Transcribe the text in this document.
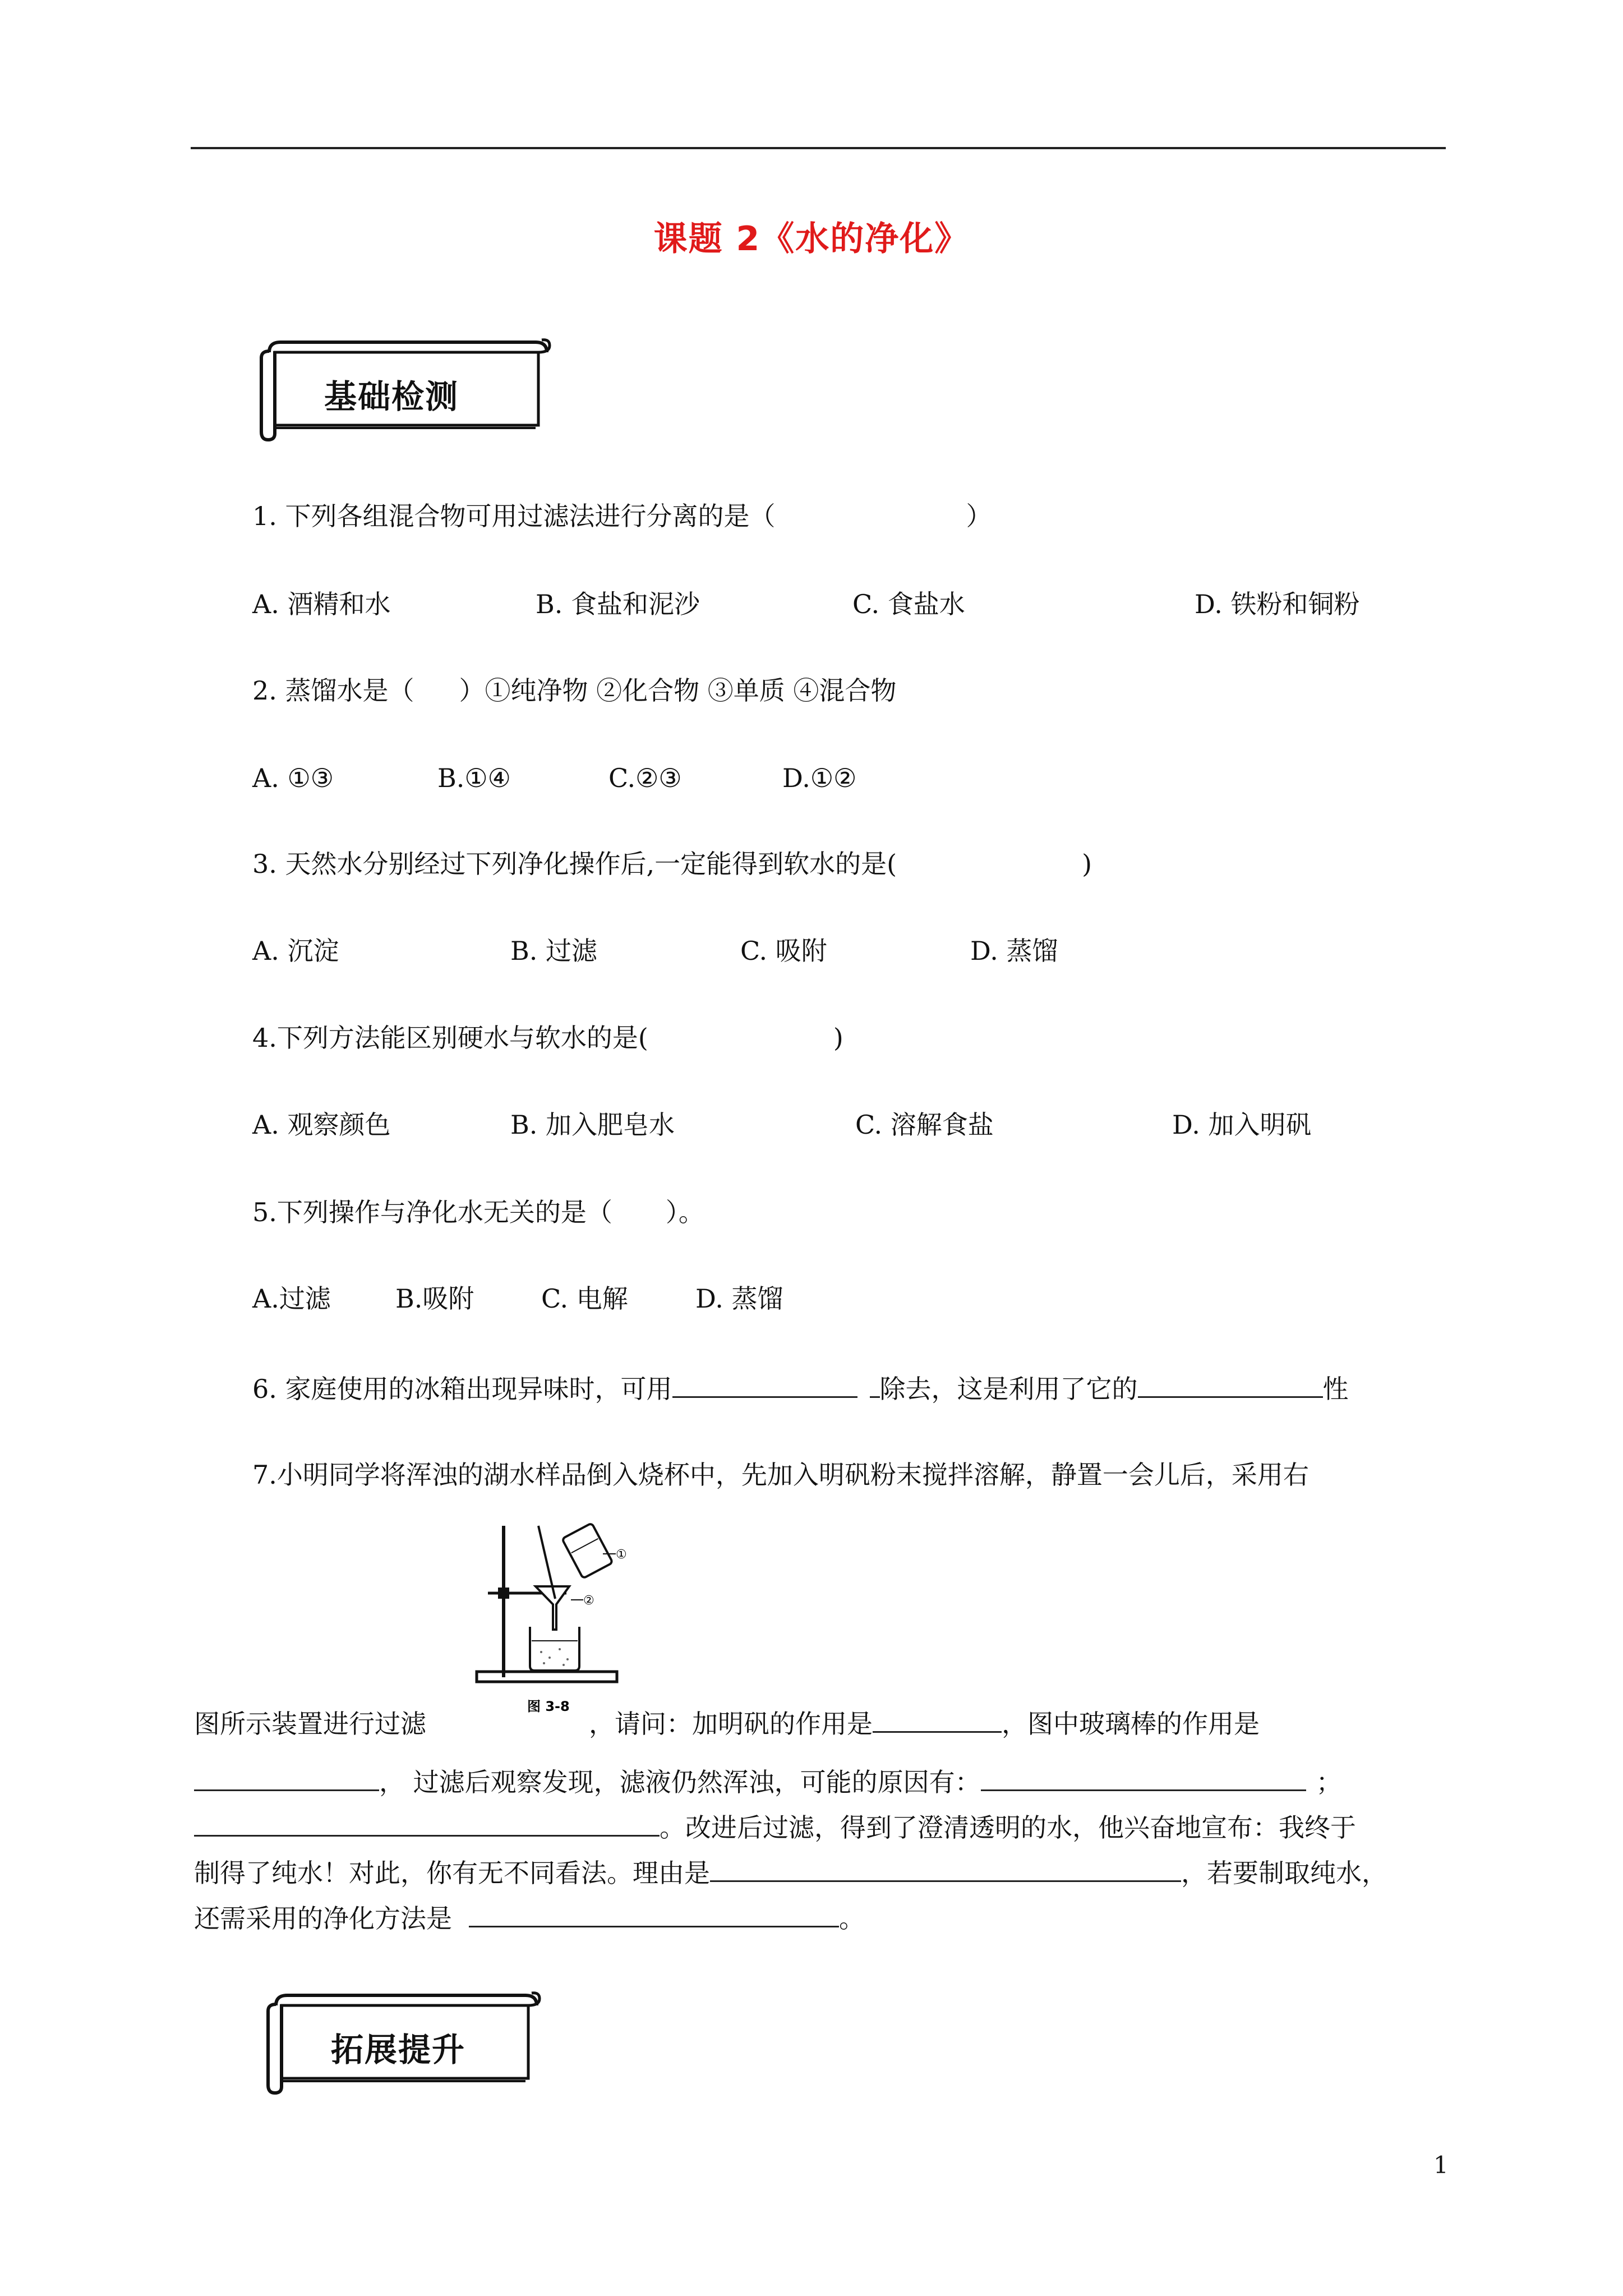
课题 2《水的净化》
基础检测
1. 下列各组混合物可用过滤法进行分离的是（	）
A. 酒精和水	B. 食盐和泥沙	C. 食盐水	D. 铁粉和铜粉
2. 蒸馏水是（ ）①纯净物 ②化合物 ③单质 ④混合物
A. ①③	B.①④	C.②③	D.①②
3. 天然水分别经过下列净化操作后,一定能得到软水的是(	)
A. 沉淀	B. 过滤	C. 吸附	D. 蒸馏
4.下列方法能区别硬水与软水的是(	)
A. 观察颜色	B. 加入肥皂水	C. 溶解食盐	D. 加入明矾
5.下列操作与净化水无关的是（ ）。
A.过滤	B.吸附	C. 电解	D. 蒸馏
6. 家庭使用的冰箱出现异味时，可用	除去，这是利用了它的	性
7.小明同学将浑浊的湖水样品倒入烧杯中，先加入明矾粉末搅拌溶解，静置一会儿后，采用右
①
②
图 3-8
图所示装置进行过滤	，请问：加明矾的作用是	，图中玻璃棒的作用是
， 过滤后观察发现，滤液仍然浑浊，可能的原因有：	；
。改进后过滤，得到了澄清透明的水，他兴奋地宣布：我终于
制得了纯水！对此，你有无不同看法。理由是	，若要制取纯水，
还需采用的净化方法是	。
拓展提升
1
